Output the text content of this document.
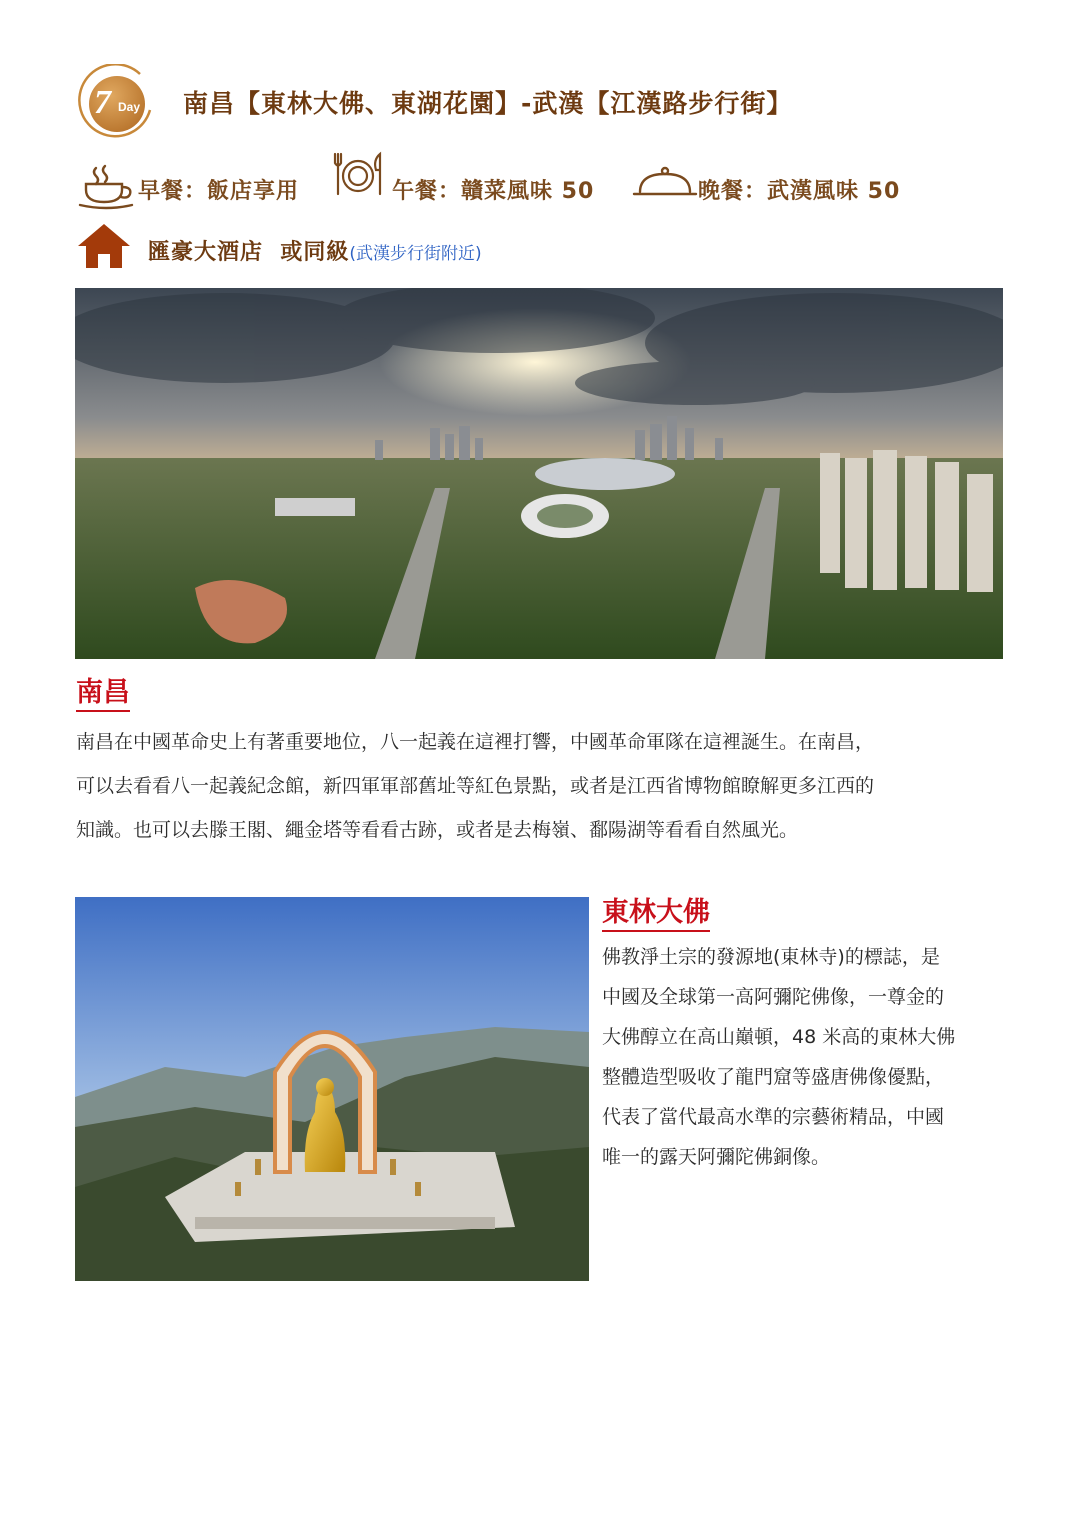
7 Day 南昌【東林大佛、東湖花園】-武漢【江漢路步行街】
早餐：飯店享用	午餐：贛菜風味 50	晚餐：武漢風味 50
匯豪大酒店  或同級(武漢步行街附近)
南昌
南昌在中國革命史上有著重要地位，八一起義在這裡打響，中國革命軍隊在這裡誕生。在南昌，
可以去看看八一起義紀念館，新四軍軍部舊址等紅色景點，或者是江西省博物館瞭解更多江西的
知識。也可以去滕王閣、繩金塔等看看古跡，或者是去梅嶺、鄱陽湖等看看自然風光。
東林大佛
佛教淨土宗的發源地(東林寺)的標誌，是
中國及全球第一高阿彌陀佛像，一尊金的
大佛醇立在高山巔頓，48 米高的東林大佛
整體造型吸收了龍門窟等盛唐佛像優點，
代表了當代最高水準的宗藝術精品，中國
唯一的露天阿彌陀佛銅像。
